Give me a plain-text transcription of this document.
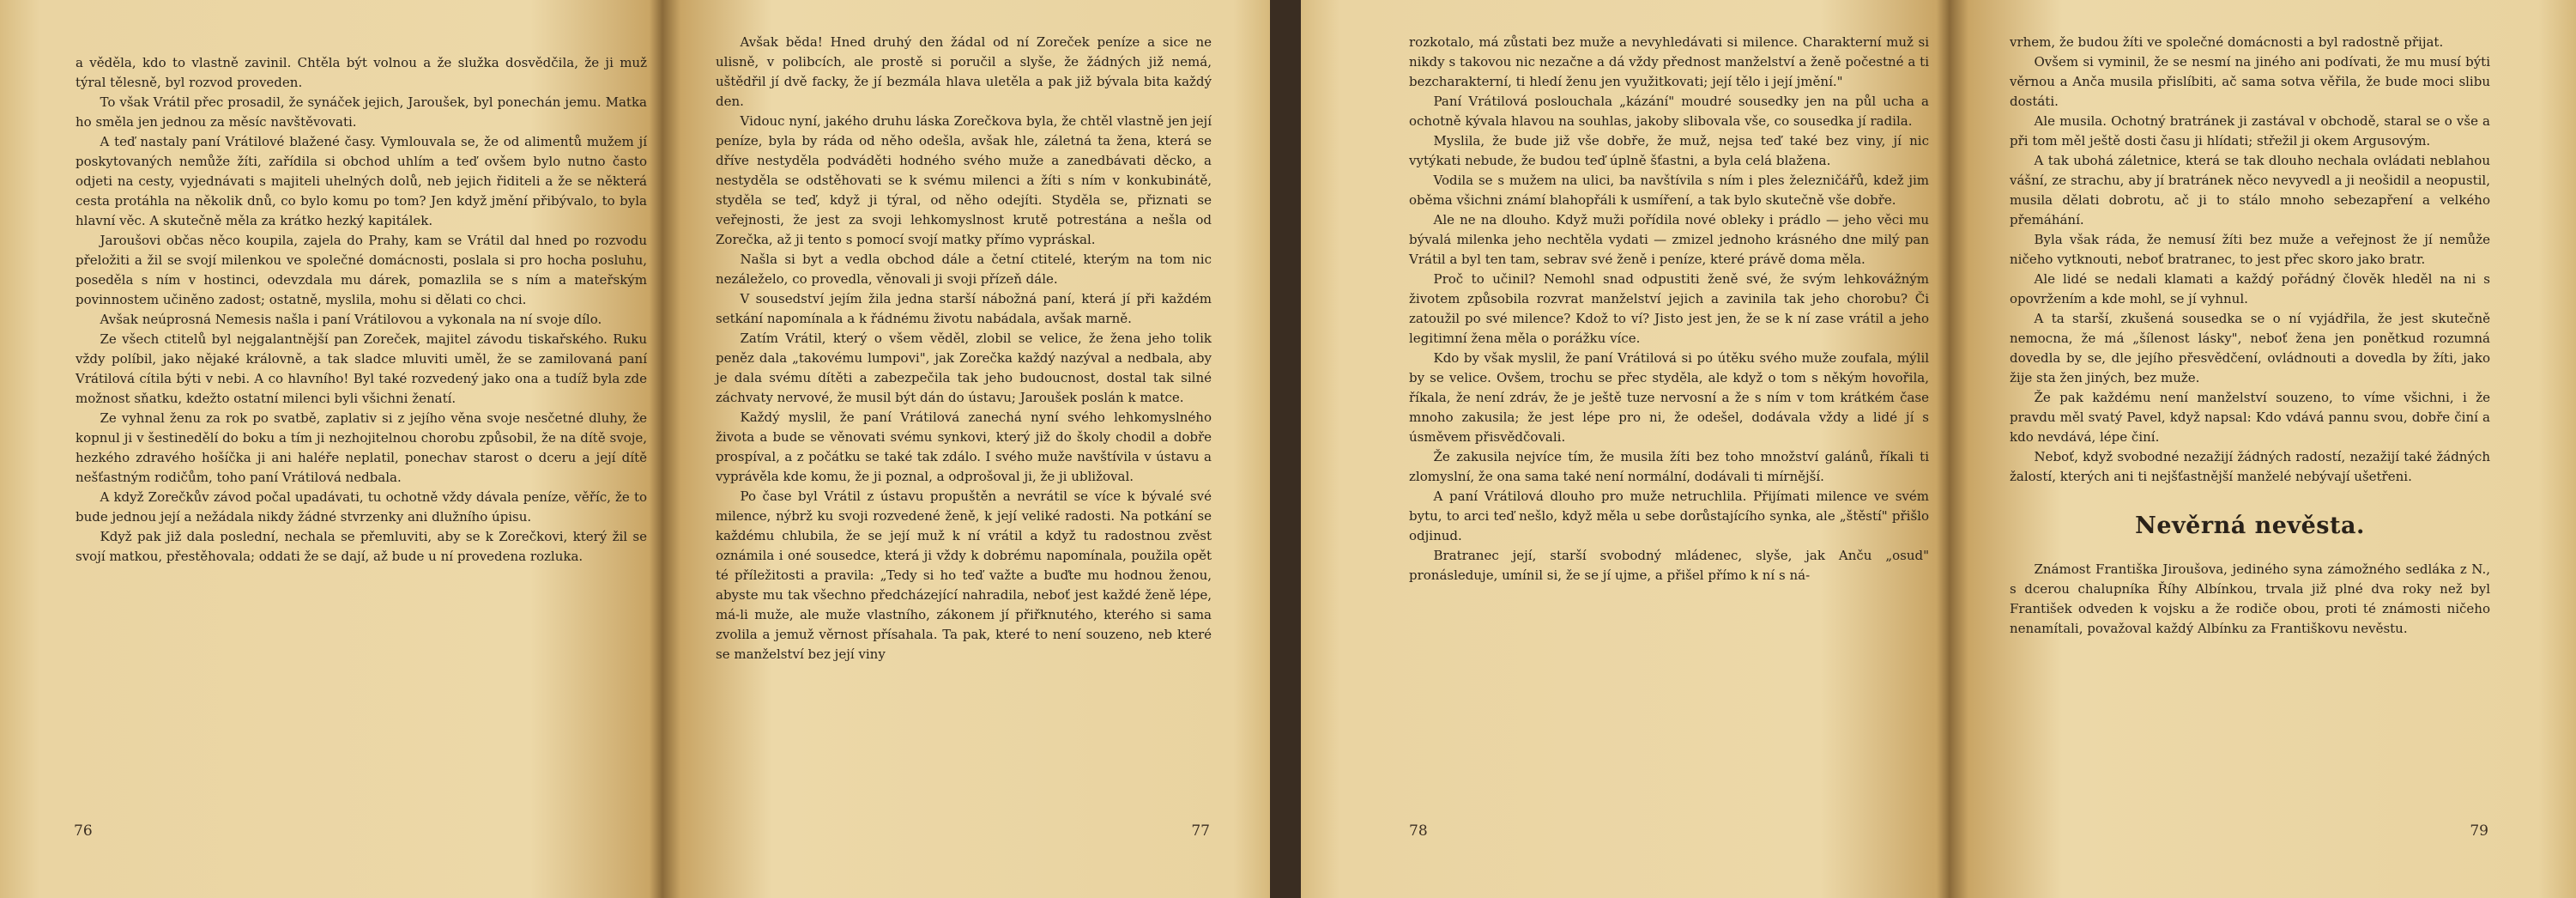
a věděla, kdo to vlastně zavinil. Chtěla být volnou a že služka dosvědčila, že ji muž týral tělesně, byl rozvod proveden.

To však Vrátil přec prosadil, že synáček jejich, Jaroušek, byl ponechán jemu. Matka ho směla jen jednou za měsíc navštěvovati.

A teď nastaly paní Vrátilové blažené časy. Vymlouvala se, že od alimentů mužem jí poskytovaných nemůže žíti, zařídila si obchod uhlím a teď ovšem bylo nutno často odjeti na cesty, vyjednávati s majiteli uhelných dolů, neb jejich řiditeli a že se některá cesta protáhla na několik dnů, co bylo komu po tom? Jen když jmění přibývalo, to byla hlavní věc. A skutečně měla za krátko hezký kapitálek.

Jaroušovi občas něco koupila, zajela do Prahy, kam se Vrátil dal hned po rozvodu přeložiti a žil se svojí milenkou ve společné domácnosti, poslala si pro hocha posluhu, poseděla s ním v hostinci, odevzdala mu dárek, pomazlila se s ním a mateřským povinnostem učiněno zadost; ostatně, myslila, mohu si dělati co chci.

Avšak neúprosná Nemesis našla i paní Vrátilovou a vykonala na ní svoje dílo.

Ze všech ctitelů byl nejgalantnější pan Zoreček, majitel závodu tiskařského. Ruku vždy políbil, jako nějaké královně, a tak sladce mluviti uměl, že se zamilovaná paní Vrátilová cítila býti v nebi. A co hlavního! Byl také rozvedený jako ona a tudíž byla zde možnost sňatku, kdežto ostatní milenci byli všichni ženatí.

Ze vyhnal ženu za rok po svatbě, zaplativ si z jejího věna svoje nesčetné dluhy, že kopnul ji v šestinedělí do boku a tím ji nezhojitelnou chorobu způsobil, že na dítě svoje, hezkého zdravého hošíčka ji ani haléře neplatil, ponechav starost o dceru a její dítě nešťastným rodičům, toho paní Vrátilová nedbala.

A když Zorečkův závod počal upadávati, tu ochotně vždy dávala peníze, věříc, že to bude jednou její a nežádala nikdy žádné stvrzenky ani dlužního úpisu.

Když pak již dala poslední, nechala se přemluviti, aby se k Zorečkovi, který žil se svojí matkou, přestěhovala; oddati že se dají, až bude u ní provedena rozluka.

76

Avšak běda! Hned druhý den žádal od ní Zoreček peníze a sice ne ulisně, v polibcích, ale prostě si poručil a slyše, že žádných již nemá, uštědřil jí dvě facky, že jí bezmála hlava uletěla a pak již bývala bita každý den.

Vidouc nyní, jakého druhu láska Zorečkova byla, že chtěl vlastně jen její peníze, byla by ráda od něho odešla, avšak hle, záletná ta žena, která se dříve nestyděla podváděti hodného svého muže a zanedbávati děcko, a nestyděla se odstěhovati se k svému milenci a žíti s ním v konkubinátě, styděla se teď, když ji týral, od něho odejíti. Styděla se, přiznati se veřejnosti, že jest za svoji lehkomyslnost krutě potrestána a nešla od Zorečka, až ji tento s pomocí svojí matky přímo vypráskal.

Našla si byt a vedla obchod dále a četní ctitelé, kterým na tom nic nezáleželo, co provedla, věnovali ji svoji přízeň dále.

V sousedství jejím žila jedna starší nábožná paní, která jí při každém setkání napomínala a k řádnému životu nabádala, avšak marně.

Zatím Vrátil, který o všem věděl, zlobil se velice, že žena jeho tolik peněz dala „takovému lumpovi", jak Zorečka každý nazýval a nedbala, aby je dala svému dítěti a zabezpečila tak jeho budoucnost, dostal tak silné záchvaty nervové, že musil být dán do ústavu; Jaroušek poslán k matce.

Každý myslil, že paní Vrátilová zanechá nyní svého lehkomyslného života a bude se věnovati svému synkovi, který již do školy chodil a dobře prospíval, a z počátku se také tak zdálo. I svého muže navštívila v ústavu a vyprávěla kde komu, že ji poznal, a odprošoval ji, že ji ubližoval.

Po čase byl Vrátil z ústavu propuštěn a nevrátil se více k bývalé své milence, nýbrž ku svoji rozvedené ženě, k její veliké radosti. Na potkání se každému chlubila, že se její muž k ní vrátil a když tu radostnou zvěst oznámila i oné sousedce, která ji vždy k dobrému napomínala, použila opět té příležitosti a pravila: „Tedy si ho teď važte a buďte mu hodnou ženou, abyste mu tak všechno předcházející nahradila, neboť jest každé ženě lépe, má-li muže, ale muže vlastního, zákonem jí přiřknutého, kterého si sama zvolila a jemuž věrnost přísahala. Ta pak, které to není souzeno, neb které se manželství bez její viny

77

rozkotalo, má zůstati bez muže a nevyhledávati si milence. Charakterní muž si nikdy s takovou nic nezačne a dá vždy přednost manželství a ženě počestné a ti bezcharakterní, ti hledí ženu jen využitkovati; její tělo i její jmění."

Paní Vrátilová poslouchala „kázání" moudré sousedky jen na půl ucha a ochotně kývala hlavou na souhlas, jakoby slibovala vše, co sousedka jí radila.

Myslila, že bude již vše dobře, že muž, nejsa teď také bez viny, jí nic vytýkati nebude, že budou teď úplně šťastni, a byla celá blažena.

Vodila se s mužem na ulici, ba navštívila s ním i ples železničářů, kdež jim oběma všichni známí blahopřáli k usmíření, a tak bylo skutečně vše dobře.

Ale ne na dlouho. Když muži pořídila nové obleky i prádlo — jeho věci mu bývalá milenka jeho nechtěla vydati — zmizel jednoho krásného dne milý pan Vrátil a byl ten tam, sebrav své ženě i peníze, které právě doma měla.

Proč to učinil? Nemohl snad odpustiti ženě své, že svým lehkovážným životem způsobila rozvrat manželství jejich a zavinila tak jeho chorobu? Či zatoužil po své milence? Kdož to ví? Jisto jest jen, že se k ní zase vrátil a jeho legitimní žena měla o porážku více.

Kdo by však myslil, že paní Vrátilová si po útěku svého muže zoufala, mýlil by se velice. Ovšem, trochu se přec styděla, ale když o tom s někým hovořila, říkala, že není zdráv, že je ještě tuze nervosní a že s ním v tom krátkém čase mnoho zakusila; že jest lépe pro ni, že odešel, dodávala vždy a lidé jí s úsměvem přisvědčovali.

Že zakusila nejvíce tím, že musila žíti bez toho množství galánů, říkali ti zlomyslní, že ona sama také není normální, dodávali ti mírnější.

A paní Vrátilová dlouho pro muže netruchlila. Přijímati milence ve svém bytu, to arci teď nešlo, když měla u sebe dorůstajícího synka, ale „štěstí" přišlo odjinud.

Bratranec její, starší svobodný mládenec, slyše, jak Anču „osud" pronásleduje, umínil si, že se jí ujme, a přišel přímo k ní s ná-

78

vrhem, že budou žíti ve společné domácnosti a byl radostně přijat.

Ovšem si vyminil, že se nesmí na jiného ani podívati, že mu musí býti věrnou a Anča musila přislíbiti, ač sama sotva věřila, že bude moci slibu dostáti.

Ale musila. Ochotný bratránek ji zastával v obchodě, staral se o vše a při tom měl ještě dosti času ji hlídati; střežil ji okem Argusovým.

A tak ubohá záletnice, která se tak dlouho nechala ovládati neblahou vášní, ze strachu, aby jí bratránek něco nevyvedl a ji neošidil a neopustil, musila dělati dobrotu, ač ji to stálo mnoho sebezapření a velkého přemáhání.

Byla však ráda, že nemusí žíti bez muže a veřejnost že jí nemůže ničeho vytknouti, neboť bratranec, to jest přec skoro jako bratr.

Ale lidé se nedali klamati a každý pořádný člověk hleděl na ni s opovržením a kde mohl, se jí vyhnul.

A ta starší, zkušená sousedka se o ní vyjádřila, že jest skutečně nemocna, že má „šílenost lásky", neboť žena jen ponětkud rozumná dovedla by se, dle jejího přesvědčení, ovládnouti a dovedla by žíti, jako žije sta žen jiných, bez muže.

Že pak každému není manželství souzeno, to víme všichni, i že pravdu měl svatý Pavel, když napsal: Kdo vdává pannu svou, dobře činí a kdo nevdává, lépe činí.

Neboť, když svobodné nezažijí žádných radostí, nezažijí také žádných žalostí, kterých ani ti nejšťastnější manželé nebývají ušetřeni.

Nevěrná nevěsta.

Známost Františka Jiroušova, jediného syna zámožného sedláka z N., s dcerou chalupníka Říhy Albínkou, trvala již plné dva roky než byl František odveden k vojsku a že rodiče obou, proti té známosti ničeho nenamítali, považoval každý Albínku za Františkovu nevěstu.

79
